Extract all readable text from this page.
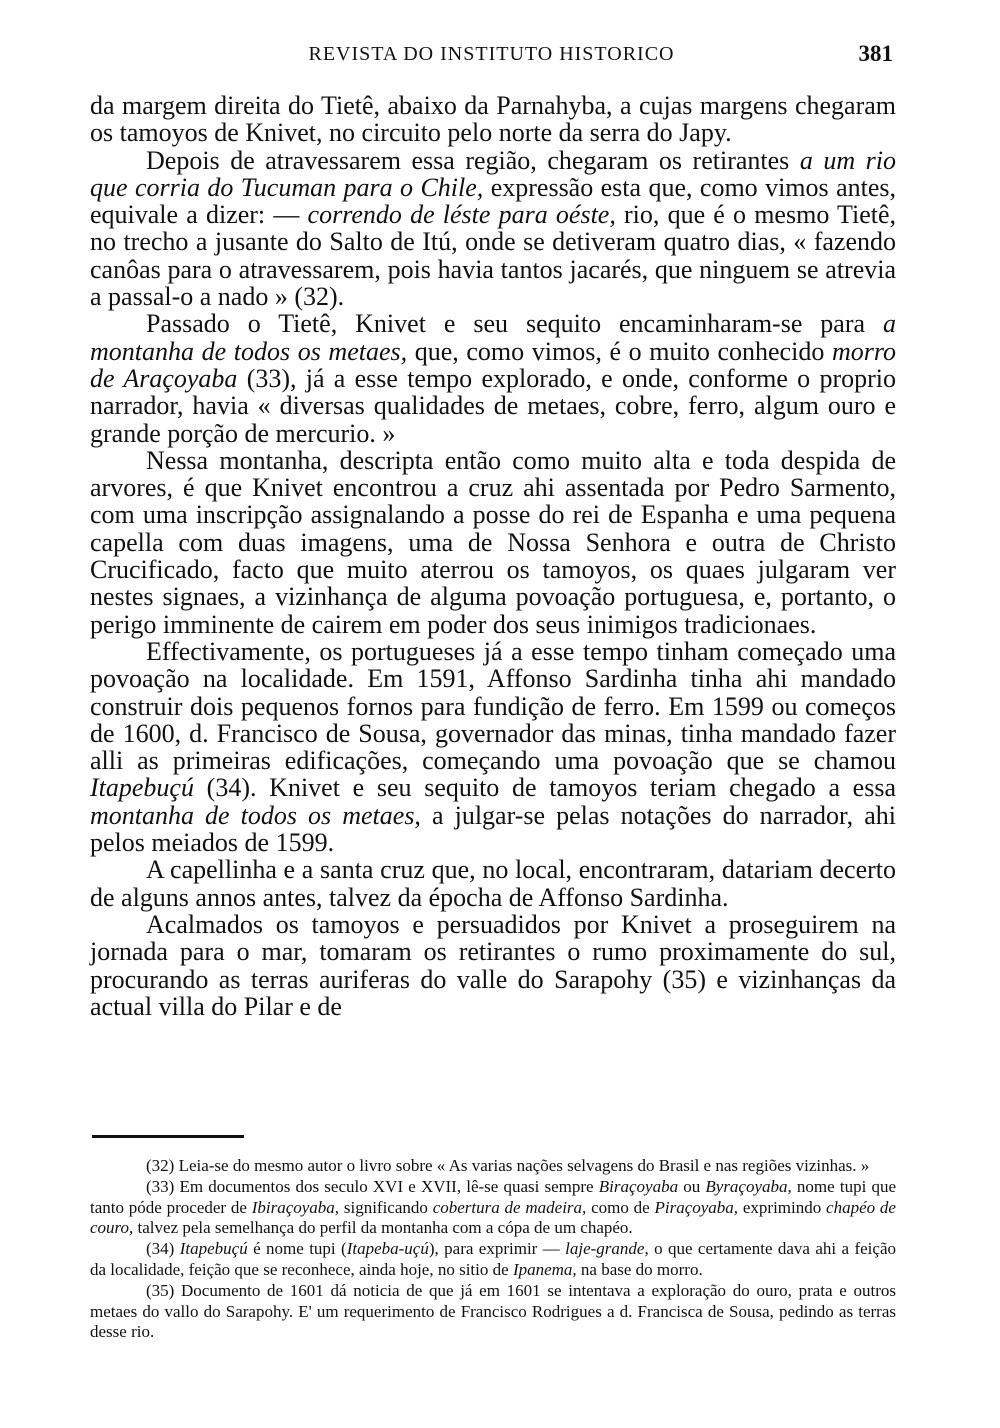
REVISTA DO INSTITUTO HISTORICO	381

da margem direita do Tietê, abaixo da Parnahyba, a cujas margens chegaram os tamoyos de Knivet, no circuito pelo norte da serra do Japy.

Depois de atravessarem essa região, chegaram os retirantes a um rio que corria do Tucuman para o Chile, expressão esta que, como vimos antes, equivale a dizer: — correndo de léste para oéste, rio, que é o mesmo Tietê, no trecho a jusante do Salto de Itú, onde se detiveram quatro dias, « fazendo canôas para o atravessarem, pois havia tantos jacarés, que ninguem se atrevia a passal-o a nado » (32).

Passado o Tietê, Knivet e seu sequito encaminharam-se para a montanha de todos os metaes, que, como vimos, é o muito conhecido morro de Araçoyaba (33), já a esse tempo explorado, e onde, conforme o proprio narrador, havia « diversas qualidades de metaes, cobre, ferro, algum ouro e grande porção de mercurio. »

Nessa montanha, descripta então como muito alta e toda despida de arvores, é que Knivet encontrou a cruz ahi assentada por Pedro Sarmento, com uma inscripção assignalando a posse do rei de Espanha e uma pequena capella com duas imagens, uma de Nossa Senhora e outra de Christo Crucificado, facto que muito aterrou os tamoyos, os quaes julgaram ver nestes signaes, a vizinhança de alguma povoação portuguesa, e, portanto, o perigo imminente de cairem em poder dos seus inimigos tradicionaes.

Effectivamente, os portugueses já a esse tempo tinham começado uma povoação na localidade. Em 1591, Affonso Sardinha tinha ahi mandado construir dois pequenos fornos para fundição de ferro. Em 1599 ou começos de 1600, d. Francisco de Sousa, governador das minas, tinha mandado fazer alli as primeiras edificações, começando uma povoação que se chamou Itapebuçú (34). Knivet e seu sequito de tamoyos teriam chegado a essa montanha de todos os metaes, a julgar-se pelas notações do narrador, ahi pelos meiados de 1599.

A capellinha e a santa cruz que, no local, encontraram, datariam decerto de alguns annos antes, talvez da épocha de Affonso Sardinha.

Acalmados os tamoyos e persuadidos por Knivet a proseguirem na jornada para o mar, tomaram os retirantes o rumo proximamente do sul, procurando as terras auriferas do valle do Sarapohy (35) e vizinhanças da actual villa do Pilar e de

(32) Leia-se do mesmo autor o livro sobre « As varias nações selvagens do Brasil e nas regiões vizinhas. »

(33) Em documentos dos seculo XVI e XVII, lê-se quasi sempre Biraçoyaba ou Byraçoyaba, nome tupi que tanto póde proceder de Ibiraçoyaba, significando cobertura de madeira, como de Piraçoyaba, exprimindo chapéo de couro, talvez pela semelhança do perfil da montanha com a cópa de um chapéo.

(34) Itapebuçú é nome tupi (Itapeba-uçú), para exprimir — laje-grande, o que certamente dava ahi a feição da localidade, feição que se reconhece, ainda hoje, no sitio de Ipanema, na base do morro.

(35) Documento de 1601 dá noticia de que já em 1601 se intentava a exploração do ouro, prata e outros metaes do vallo do Sarapohy. E' um requerimento de Francisco Rodrigues a d. Francisca de Sousa, pedindo as terras desse rio.
